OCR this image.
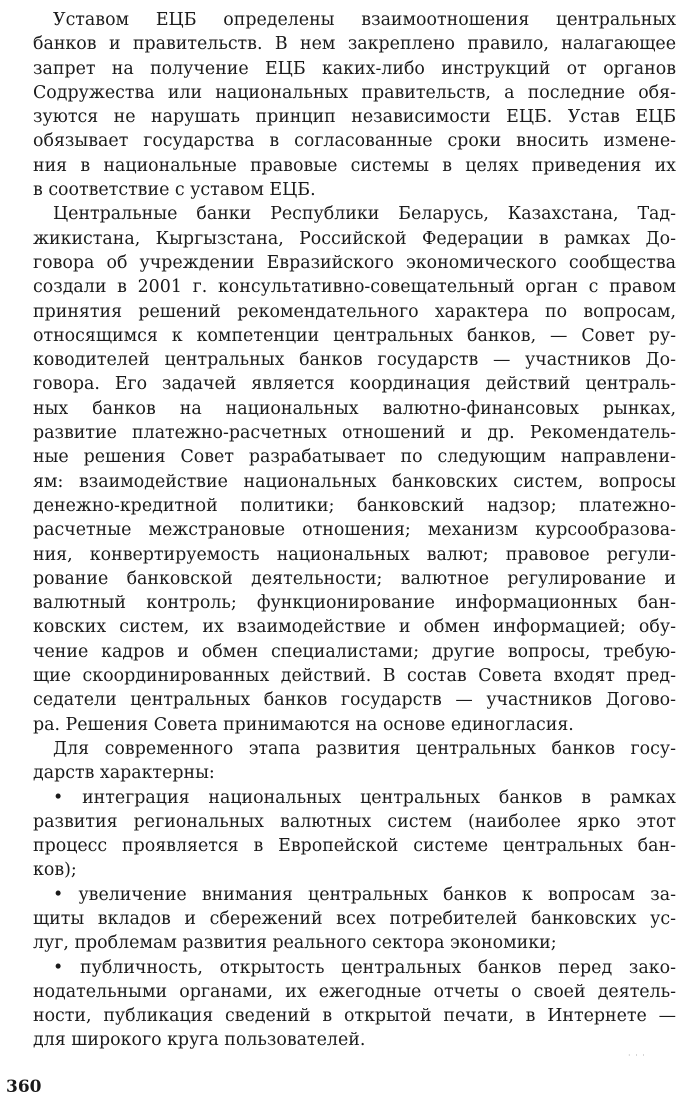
Уставом ЕЦБ определены взаимоотношения центральных
банков и правительств. В нем закреплено правило, налагающее
запрет на получение ЕЦБ каких-либо инструкций от органов
Содружества или национальных правительств, а последние обя-
зуются не нарушать принцип независимости ЕЦБ. Устав ЕЦБ
обязывает государства в согласованные сроки вносить измене-
ния в национальные правовые системы в целях приведения их
в соответствие с уставом ЕЦБ.
Центральные банки Республики Беларусь, Казахстана, Тад-
жикистана, Кыргызстана, Российской Федерации в рамках До-
говора об учреждении Евразийского экономического сообщества
создали в 2001 г. консультативно-совещательный орган с правом
принятия решений рекомендательного характера по вопросам,
относящимся к компетенции центральных банков, — Совет ру-
ководителей центральных банков государств — участников До-
говора. Его задачей является координация действий централь-
ных банков на национальных валютно-финансовых рынках,
развитие платежно-расчетных отношений и др. Рекомендатель-
ные решения Совет разрабатывает по следующим направлени-
ям: взаимодействие национальных банковских систем, вопросы
денежно-кредитной политики; банковский надзор; платежно-
расчетные межстрановые отношения; механизм курсообразова-
ния, конвертируемость национальных валют; правовое регули-
рование банковской деятельности; валютное регулирование и
валютный контроль; функционирование информационных бан-
ковских систем, их взаимодействие и обмен информацией; обу-
чение кадров и обмен специалистами; другие вопросы, требую-
щие скоординированных действий. В состав Совета входят пред-
седатели центральных банков государств — участников Догово-
ра. Решения Совета принимаются на основе единогласия.
Для современного этапа развития центральных банков госу-
дарств характерны:
• интеграция национальных центральных банков в рамках
развития региональных валютных систем (наиболее ярко этот
процесс проявляется в Европейской системе центральных бан-
ков);
• увеличение внимания центральных банков к вопросам за-
щиты вкладов и сбережений всех потребителей банковских ус-
луг, проблемам развития реального сектора экономики;
• публичность, открытость центральных банков перед зако-
нодательными органами, их ежегодные отчеты о своей деятель-
ности, публикация сведений в открытой печати, в Интернете —
для широкого круга пользователей.
· · ·
360
